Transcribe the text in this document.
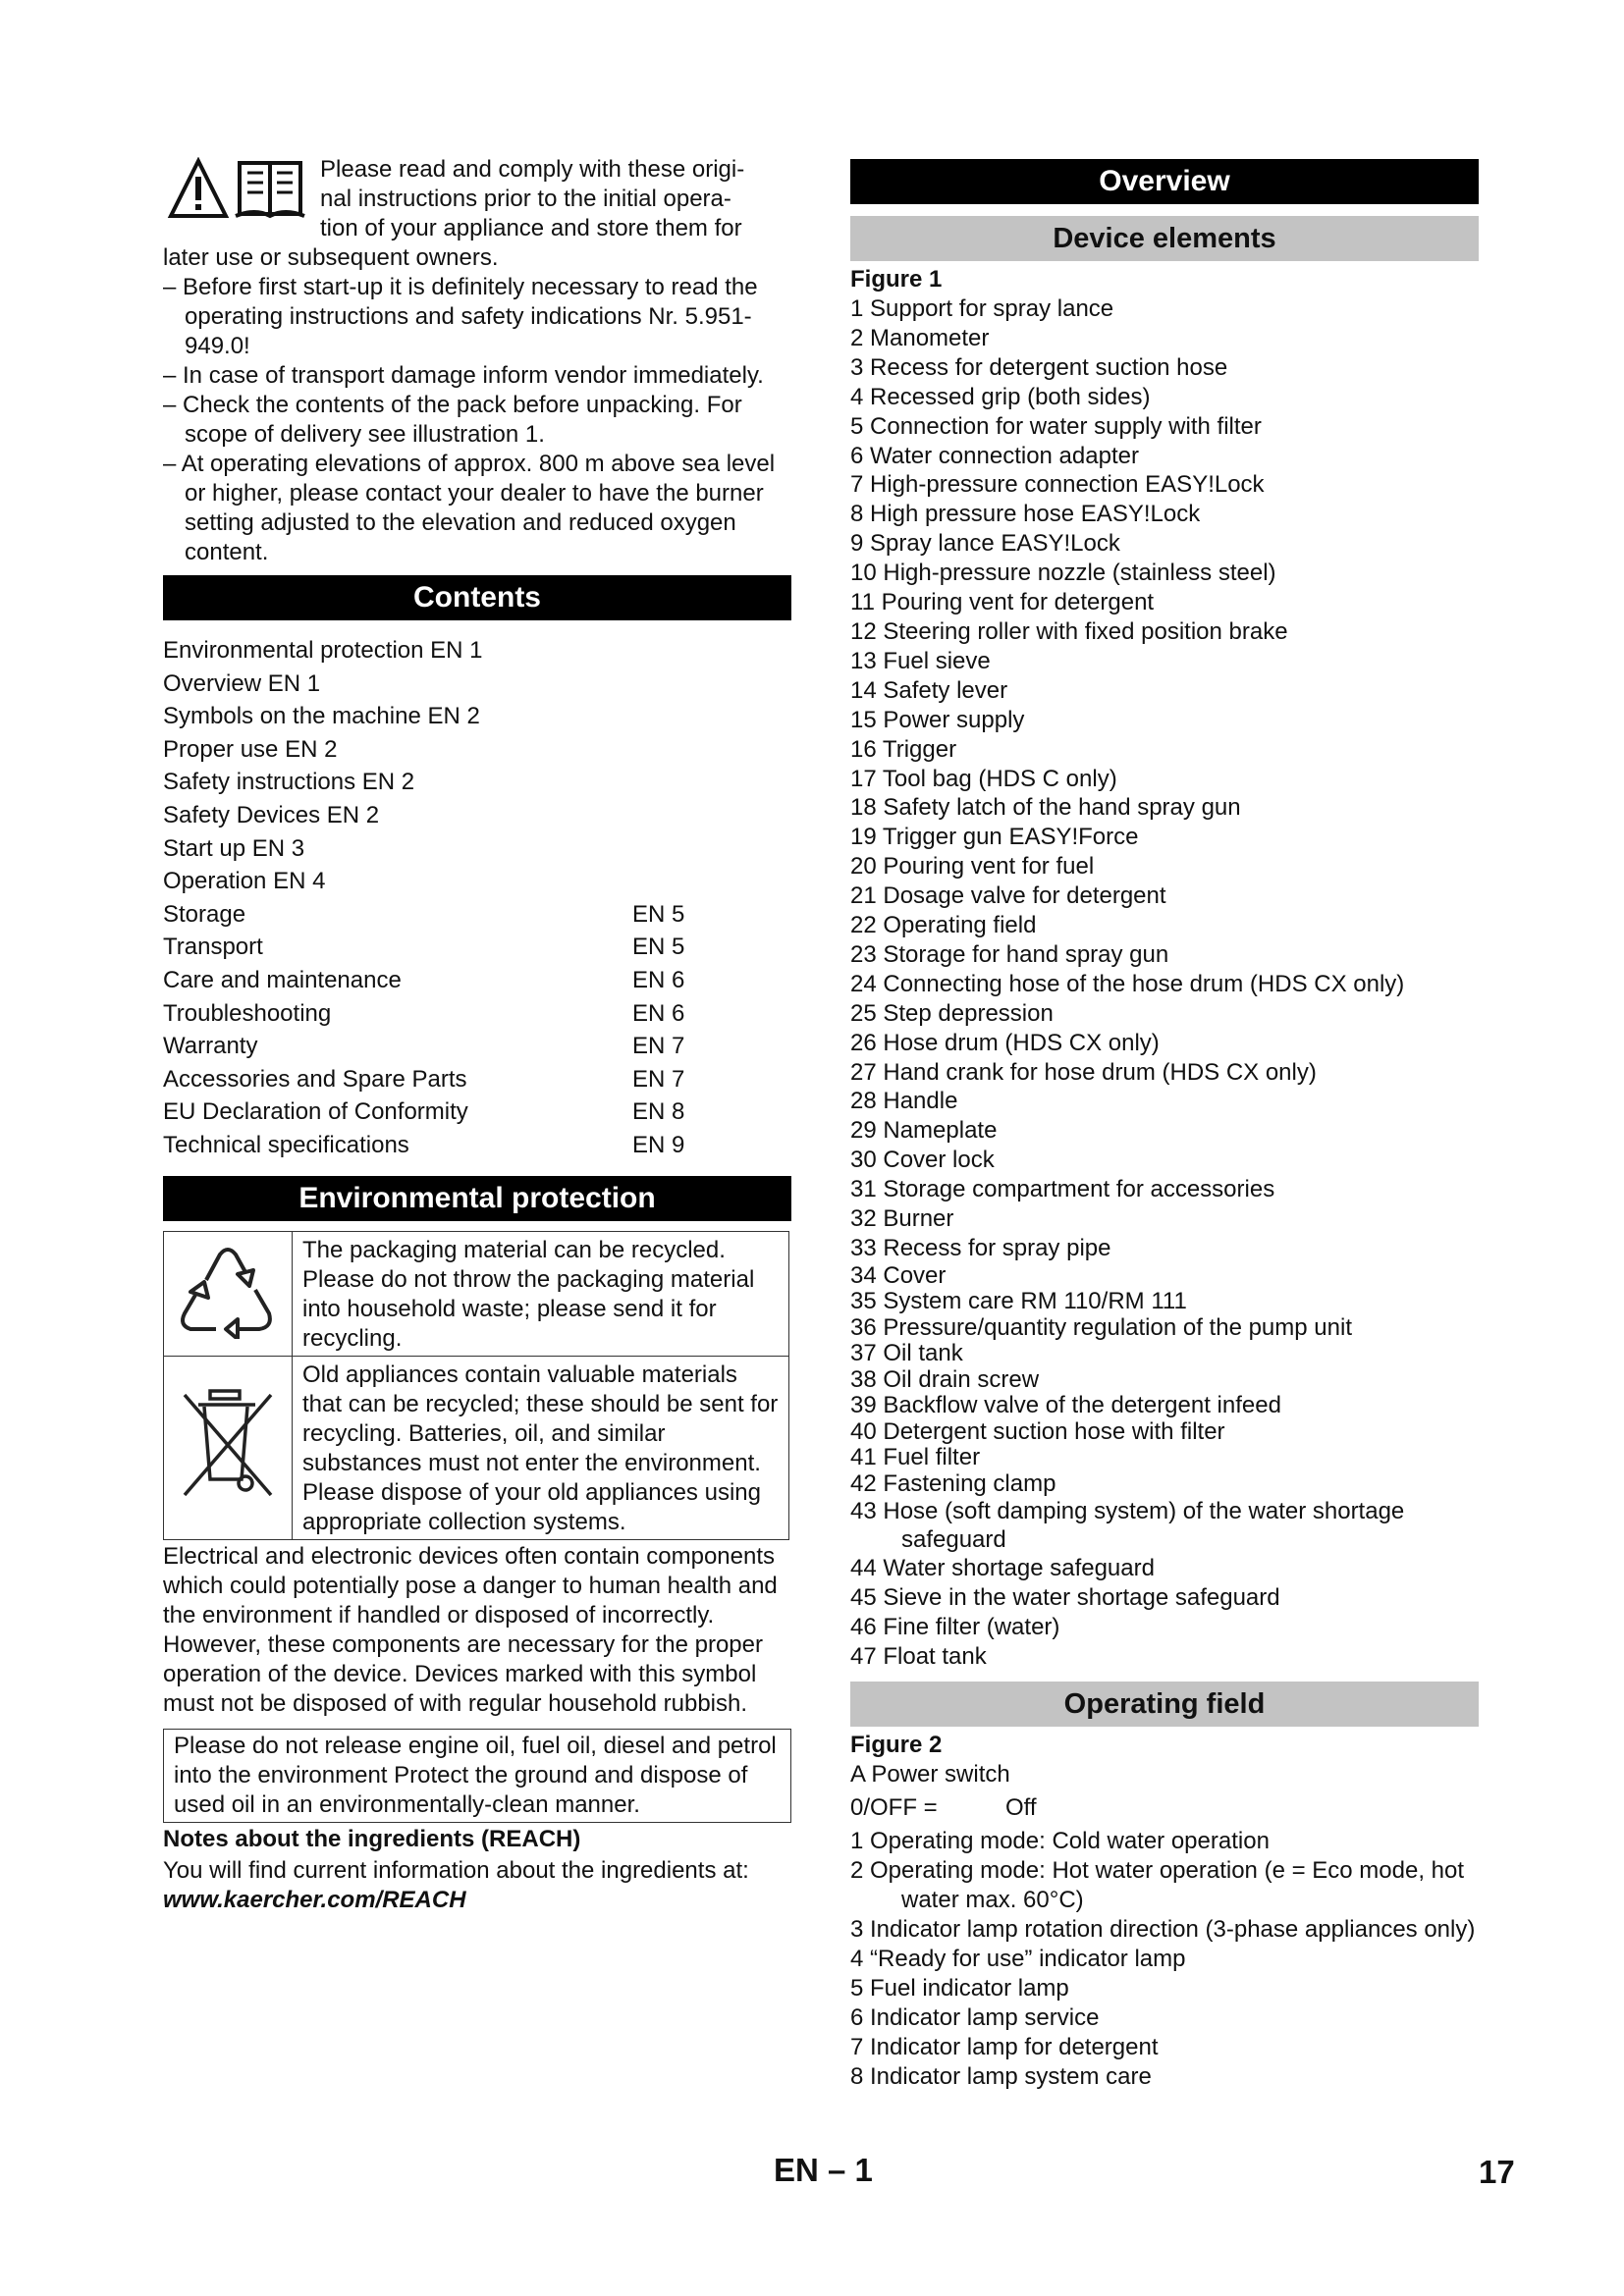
Please read and comply with these origi-

nal instructions prior to the initial opera-

tion of your appliance and store them for

later use or subsequent owners.

– Before first start-up it is definitely necessary to read the operating instructions and safety indications Nr. 5.951-949.0!

– In case of transport damage inform vendor immediately.

– Check the contents of the pack before unpacking. For scope of delivery see illustration 1.

– At operating elevations of approx. 800 m above sea level or higher, please contact your dealer to have the burner setting adjusted to the elevation and reduced oxygen content.

Contents
Environmental protection EN 1
Overview EN 1
Symbols on the machine EN 2
Proper use EN 2
Safety instructions EN 2
Safety Devices EN 2
Start up EN 3
Operation EN 4
Storage	EN 5
Transport	EN 5
Care and maintenance	EN 6
Troubleshooting	EN 6
Warranty	EN 7
Accessories and Spare Parts	EN 7
EU Declaration of Conformity	EN 8
Technical specifications	EN 9
Environmental protection
	The packaging material can be recycled. Please do not throw the packaging material into household waste; please send it for recycling.
	Old appliances contain valuable materials that can be recycled; these should be sent for recycling. Batteries, oil, and similar substances must not enter the environment. Please dispose of your old appliances using appropriate collection systems.

Electrical and electronic devices often contain components which could potentially pose a danger to human health and the environment if handled or disposed of incorrectly. However, these components are necessary for the proper operation of the device. Devices marked with this symbol must not be disposed of with regular household rubbish.

Please do not release engine oil, fuel oil, diesel and petrol into the environment Protect the ground and dispose of used oil in an environmentally-clean manner.

Notes about the ingredients (REACH)

You will find current information about the ingredients at:

www.kaercher.com/REACH

Overview
Device elements

Figure 1

1 Support for spray lance

2 Manometer

3 Recess for detergent suction hose

4 Recessed grip (both sides)

5 Connection for water supply with filter

6 Water connection adapter

7 High-pressure connection EASY!Lock

8 High pressure hose EASY!Lock

9 Spray lance EASY!Lock

10 High-pressure nozzle (stainless steel)

11 Pouring vent for detergent

12 Steering roller with fixed position brake

13 Fuel sieve

14 Safety lever

15 Power supply

16 Trigger

17 Tool bag (HDS C only)

18 Safety latch of the hand spray gun

19 Trigger gun EASY!Force

20 Pouring vent for fuel

21 Dosage valve for detergent

22 Operating field

23 Storage for hand spray gun

24 Connecting hose of the hose drum (HDS CX only)

25 Step depression

26 Hose drum (HDS CX only)

27 Hand crank for hose drum (HDS CX only)

28 Handle

29 Nameplate

30 Cover lock

31 Storage compartment for accessories

32 Burner

33 Recess for spray pipe

34 Cover

35 System care RM 110/RM 111

36 Pressure/quantity regulation of the pump unit

37 Oil tank

38 Oil drain screw

39 Backflow valve of the detergent infeed

40 Detergent suction hose with filter

41 Fuel filter

42 Fastening clamp

43 Hose (soft damping system) of the water shortage safeguard

44 Water shortage safeguard

45 Sieve in the water shortage safeguard

46 Fine filter (water)

47 Float tank

Operating field

Figure 2

A Power switch

0/OFF =	Off

1 Operating mode: Cold water operation

2 Operating mode: Hot water operation (e = Eco mode, hot water max. 60°C)

3 Indicator lamp rotation direction (3-phase appliances only)

4 “Ready for use” indicator lamp

5 Fuel indicator lamp

6 Indicator lamp service

7 Indicator lamp for detergent

8 Indicator lamp system care

EN – 1	17
